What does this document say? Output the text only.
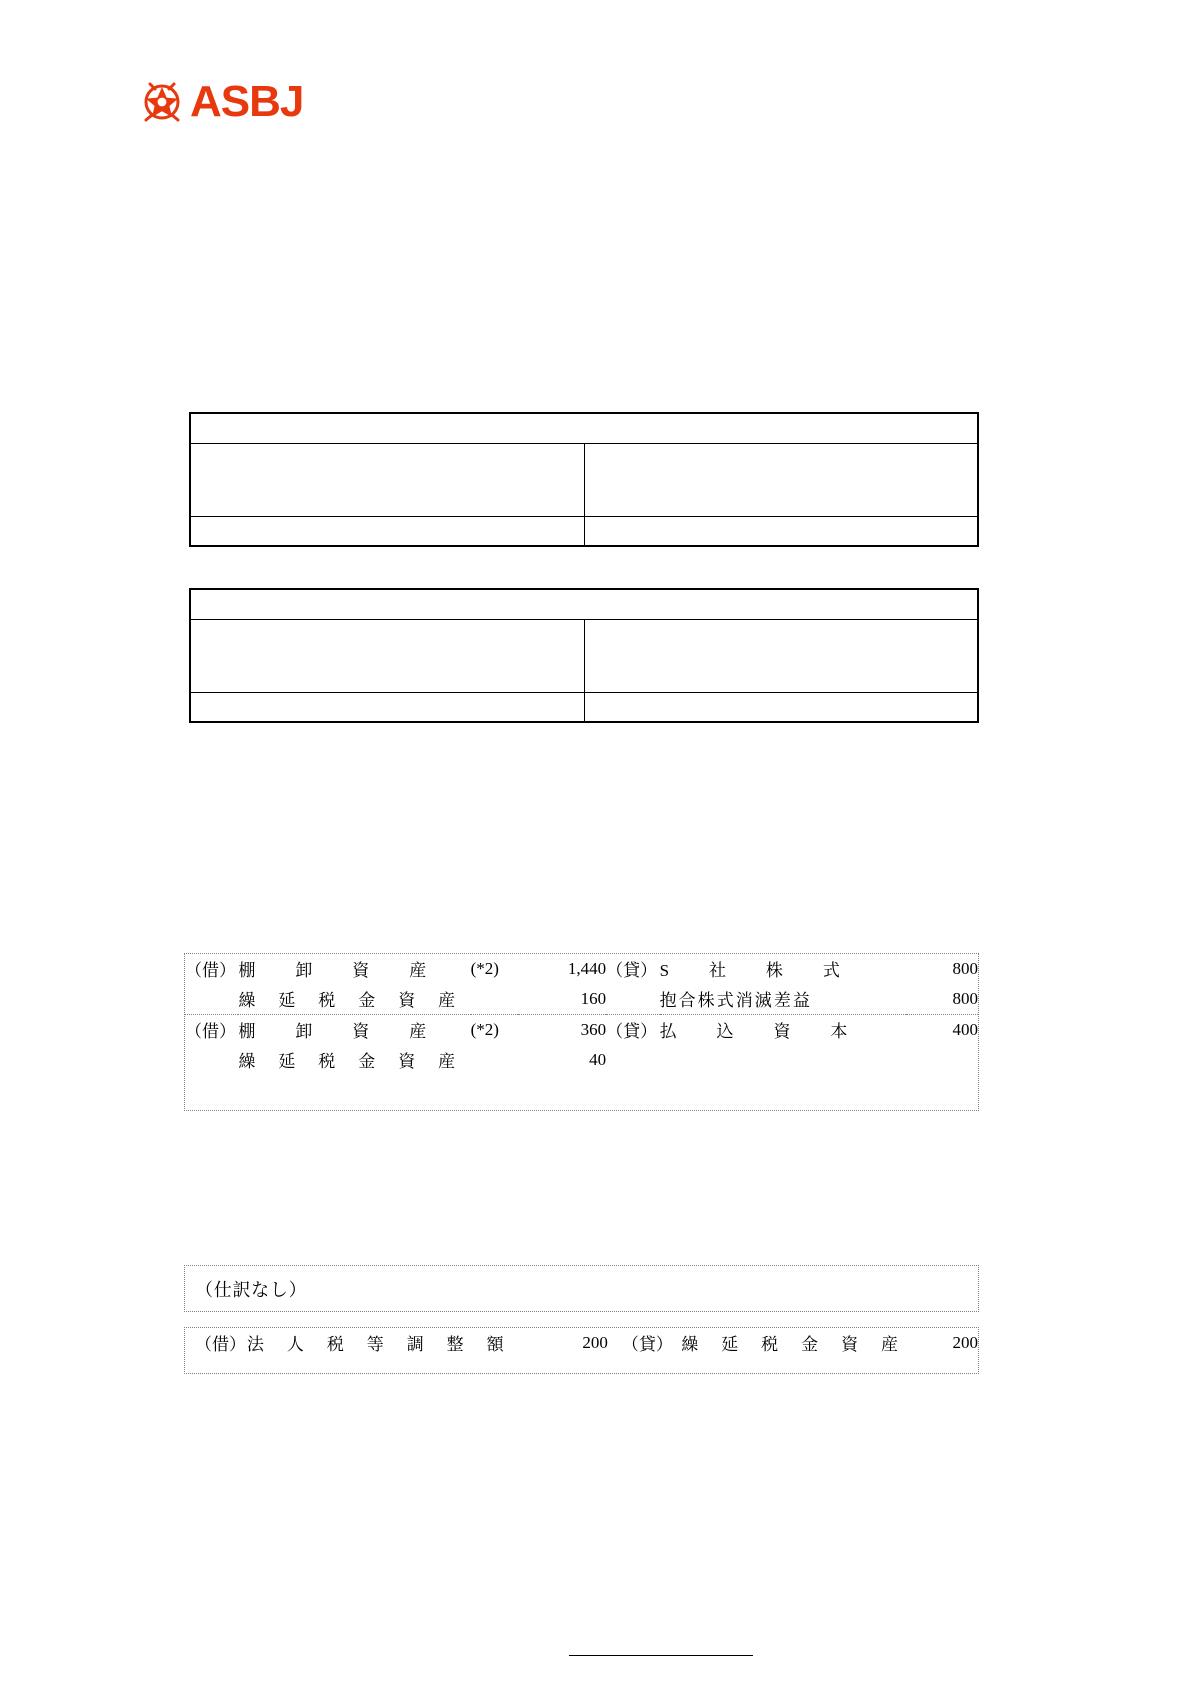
ASBJ

（借）	棚 卸 資 産	(*2)	1,440	（貸）	S 社 株 式	800
	繰 延 税 金 資 産		160		抱合株式消滅差益	800
（借）	棚 卸 資 産	(*2)	360	（貸）	払 込 資 本	400
	繰 延 税 金 資 産		40			
（仕訳なし）
（借）	法 人 税 等 調 整 額	200	（貸）	繰 延 税 金 資 産	200
